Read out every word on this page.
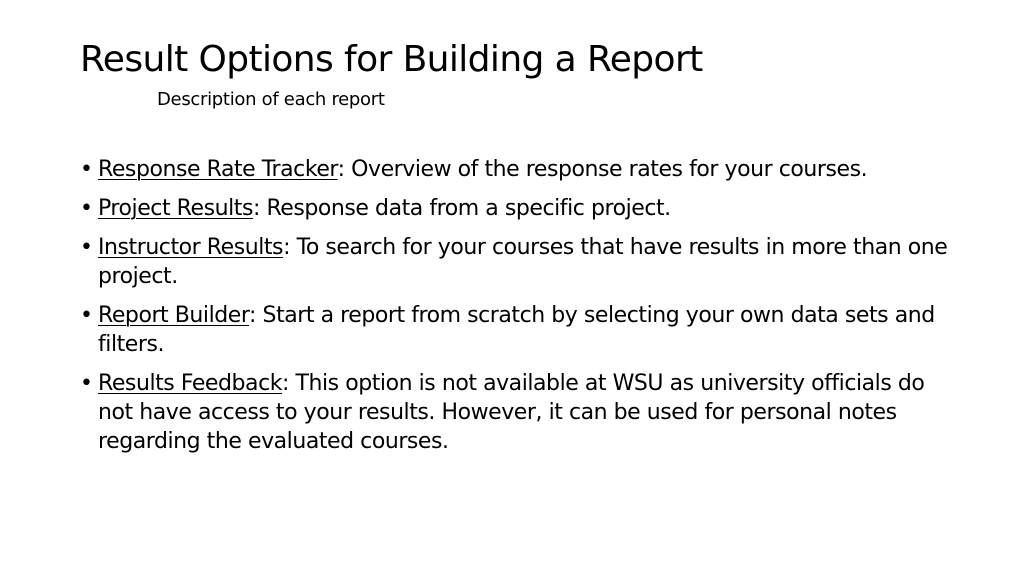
Result Options for Building a Report
Description of each report
• Response Rate Tracker: Overview of the response rates for your courses.
• Project Results: Response data from a specific project.
• Instructor Results: To search for your courses that have results in more than one project.
• Report Builder: Start a report from scratch by selecting your own data sets and filters.
• Results Feedback: This option is not available at WSU as university officials do not have access to your results. However, it can be used for personal notes regarding the evaluated courses.
